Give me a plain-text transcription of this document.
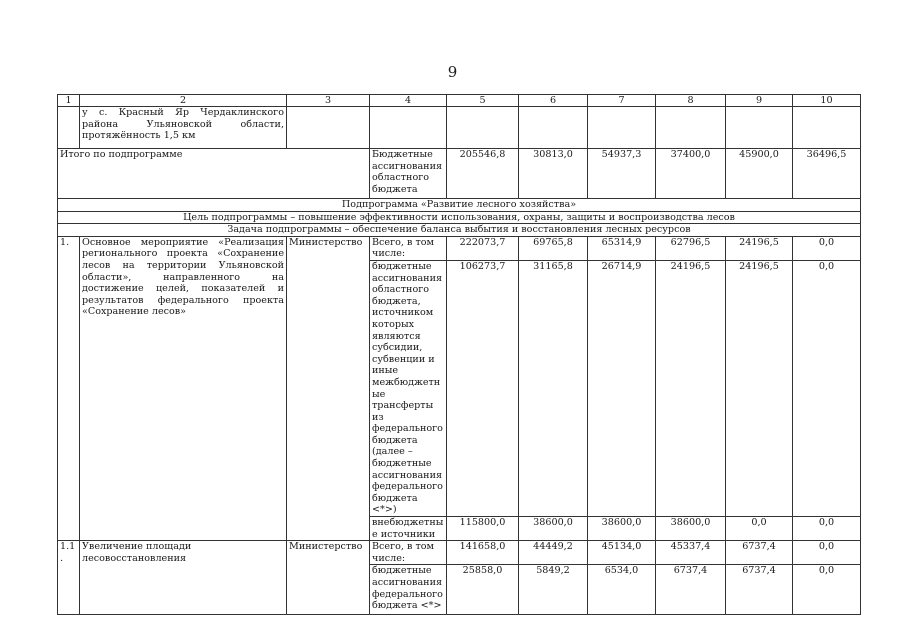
9
1	2	3	4	5	6	7	8	9	10
	у с. Красный Яр Чердаклинского района Ульяновской области, протяжённость 1,5 км								
Итого по подпрограмме			Бюджетные ассигнования областного бюджета	205546,8	30813,0	54937,3	37400,0	45900,0	36496,5
Подпрограмма «Развитие лесного хозяйства»									
Цель подпрограммы – повышение эффективности использования, охраны, защиты и воспроизводства лесов									
Задача подпрограммы – обеспечение баланса выбытия и восстановления лесных ресурсов									
1.	Основное мероприятие «Реализация регионального проекта «Сохранение лесов на территории Ульяновской области», направленного на достижение целей, показателей и результатов федерального проекта «Сохранение лесов»	Министерство	Всего, в том числе:	222073,7	69765,8	65314,9	62796,5	24196,5	0,0
			бюджетные ассигнования областного бюджета, источником которых являются субсидии, субвенции и иные межбюджетные трансферты из федерального бюджета (далее – бюджетные ассигнования федерального бюджета <*>)	106273,7	31165,8	26714,9	24196,5	24196,5	0,0
			внебюджетные источники	115800,0	38600,0	38600,0	38600,0	0,0	0,0
1.1.	Увеличение площади лесовосстановления	Министерство	Всего, в том числе:	141658,0	44449,2	45134,0	45337,4	6737,4	0,0
			бюджетные ассигнования федерального бюджета <*>	25858,0	5849,2	6534,0	6737,4	6737,4	0,0
